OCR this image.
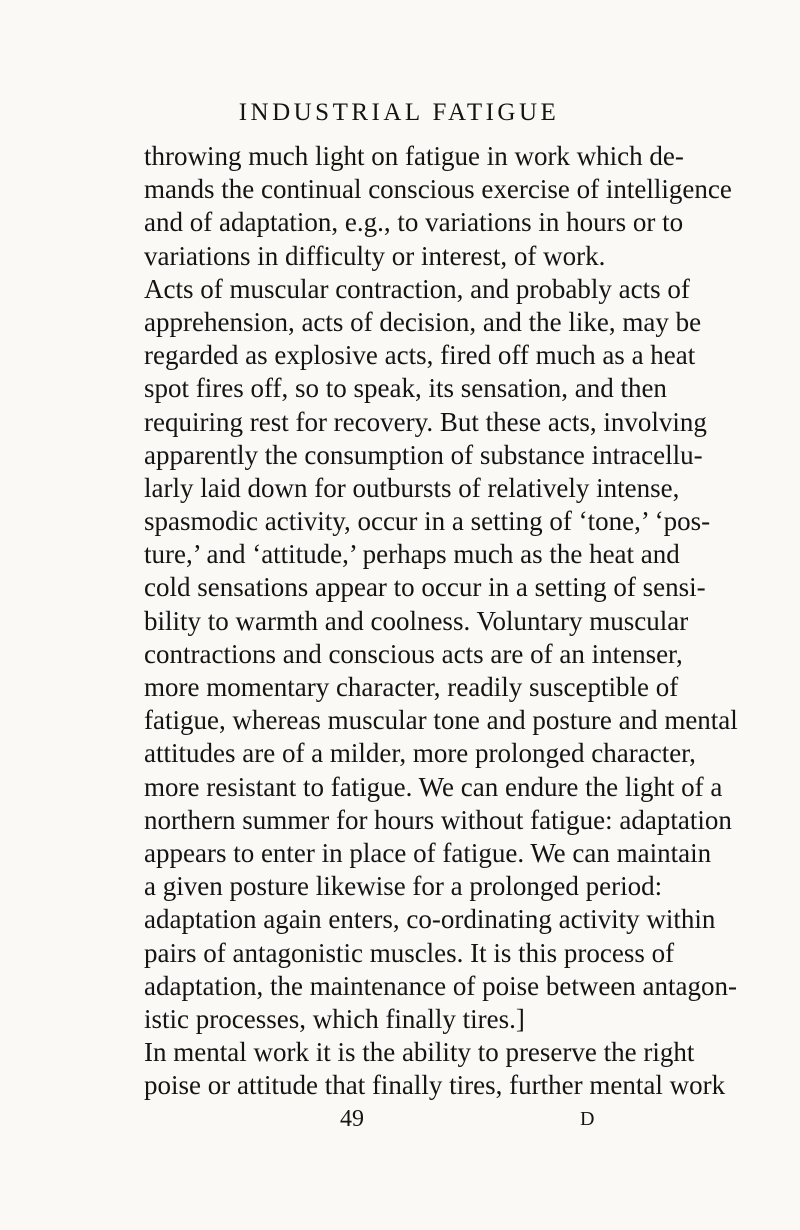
INDUSTRIAL FATIGUE
throwing much light on fatigue in work which de-
mands the continual conscious exercise of intelligence
and of adaptation, e.g., to variations in hours or to
variations in difficulty or interest, of work.
Acts of muscular contraction, and probably acts of
apprehension, acts of decision, and the like, may be
regarded as explosive acts, fired off much as a heat
spot fires off, so to speak, its sensation, and then
requiring rest for recovery. But these acts, involving
apparently the consumption of substance intracellu-
larly laid down for outbursts of relatively intense,
spasmodic activity, occur in a setting of ‘tone,’ ‘pos-
ture,’ and ‘attitude,’ perhaps much as the heat and
cold sensations appear to occur in a setting of sensi-
bility to warmth and coolness. Voluntary muscular
contractions and conscious acts are of an intenser,
more momentary character, readily susceptible of
fatigue, whereas muscular tone and posture and mental
attitudes are of a milder, more prolonged character,
more resistant to fatigue. We can endure the light of a
northern summer for hours without fatigue: adaptation
appears to enter in place of fatigue. We can maintain
a given posture likewise for a prolonged period:
adaptation again enters, co-ordinating activity within
pairs of antagonistic muscles. It is this process of
adaptation, the maintenance of poise between antagon-
istic processes, which finally tires.]
In mental work it is the ability to preserve the right
poise or attitude that finally tires, further mental work
49	D
